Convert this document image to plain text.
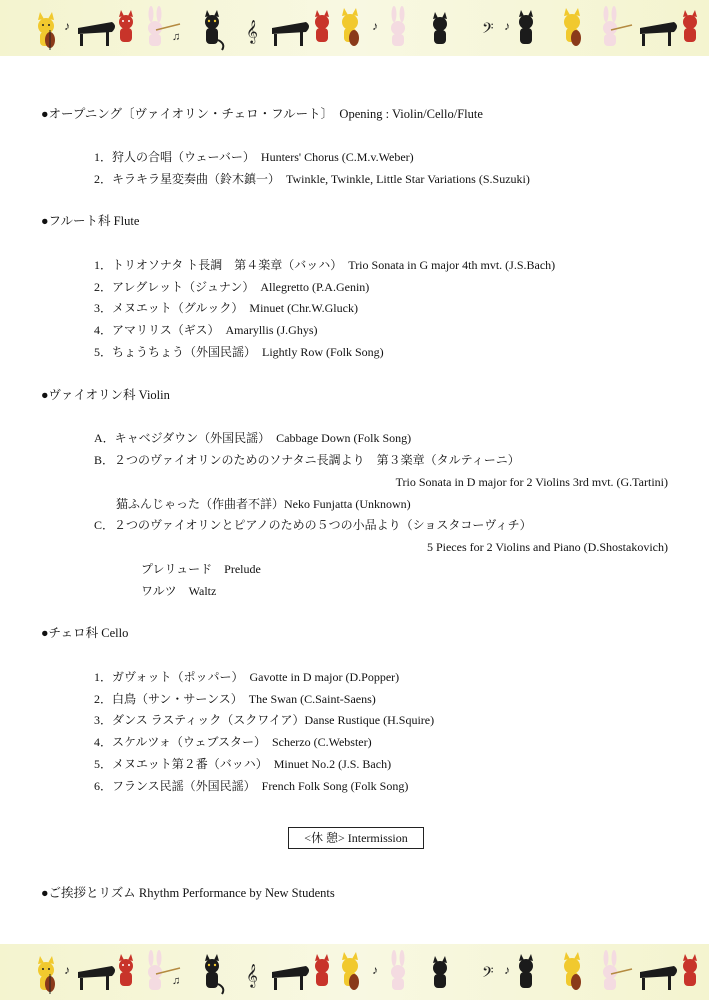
♪
♫	𝄞	♪	𝄢 ♪
●オープニング〔ヴァイオリン・チェロ・フルート〕　Opening : Violin/Cello/Flute
1．狩人の合唱（ウェーバー）　Hunters' Chorus (C.M.v.Weber)
2．キラキラ星変奏曲（鈴木鎮一）　Twinkle, Twinkle, Little Star Variations (S.Suzuki)
●フルート科 Flute
1．トリオソナタ ト長調　第４楽章（バッハ）　Trio Sonata in G major 4th mvt. (J.S.Bach)
2．アレグレット（ジュナン）　Allegretto (P.A.Genin)
3．メヌエット（グルック）　Minuet (Chr.W.Gluck)
4．アマリリス（ギス）　Amaryllis (J.Ghys)
5．ちょうちょう（外国民謡）　Lightly Row (Folk Song)
●ヴァイオリン科 Violin
A．キャベジダウン（外国民謡）　Cabbage Down (Folk Song)
B．２つのヴァイオリンのためのソナタニ長調より　第３楽章（タルティーニ）
Trio Sonata in D major for 2 Violins 3rd mvt. (G.Tartini)
猫ふんじゃった（作曲者不詳）Neko Funjatta (Unknown)
C．２つのヴァイオリンとピアノのための５つの小品より（ショスタコーヴィチ）
5 Pieces for 2 Violins and Piano (D.Shostakovich)
プレリュード　Prelude
ワルツ　Waltz
●チェロ科 Cello
1．ガヴォット（ポッパー）　Gavotte in D major (D.Popper)
2．白鳥（サン・サーンス）　The Swan (C.Saint-Saens)
3．ダンス ラスティック（スクワイア）Danse Rustique (H.Squire)
4．スケルツォ（ウェブスター）　Scherzo (C.Webster)
5．メヌエット第２番（バッハ）　Minuet No.2 (J.S. Bach)
6．フランス民謡（外国民謡）　French Folk Song (Folk Song)
<休 憩> Intermission
●ご挨拶とリズム Rhythm Performance by New Students
